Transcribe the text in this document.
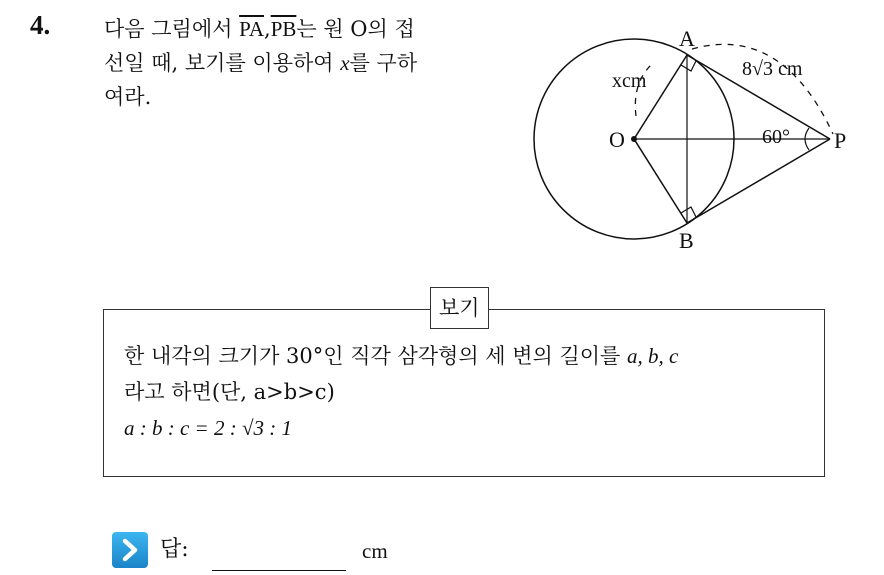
4.	다음 그림에서 $\overline{PA},\overline{PB}$는 원 O의 접
선일 때, 보기를 이용하여 x를 구하
여라.
A
B
O	P
xcm
8√3 cm
60°
보기
한 내각의 크기가 30°인 직각 삼각형의 세 변의 길이를 a, b, c
라고 하면(단, a>b>c)
a : b : c = 2 : √3 : 1
답:	cm
